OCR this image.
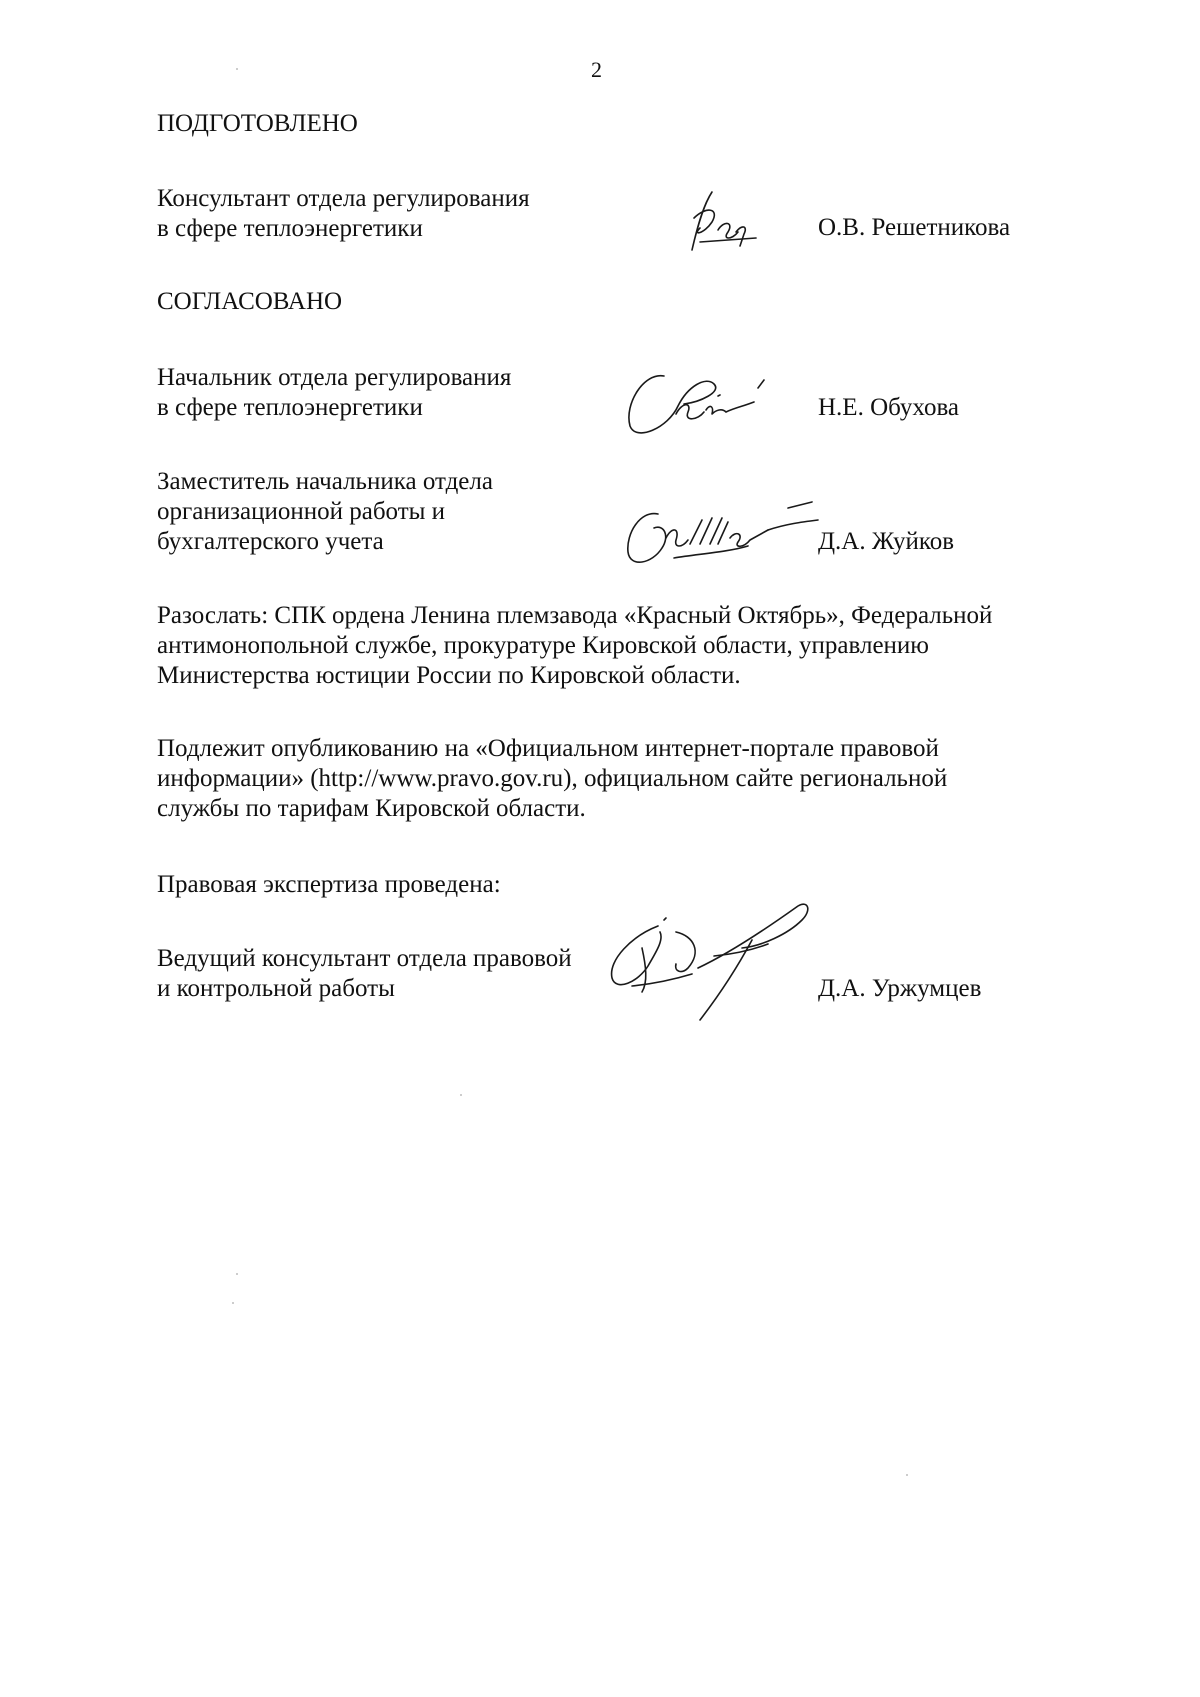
2
ПОДГОТОВЛЕНО
Консультант отдела регулирования
в сфере теплоэнергетики	О.В. Решетникова
СОГЛАСОВАНО
Начальник отдела регулирования
в сфере теплоэнергетики	Н.Е. Обухова
Заместитель начальника отдела
организационной работы и
бухгалтерского учета	Д.А. Жуйков
Разослать: СПК ордена Ленина племзавода «Красный Октябрь», Федеральной
антимонопольной службе, прокуратуре Кировской области, управлению
Министерства юстиции России по Кировской области.
Подлежит опубликованию на «Официальном интернет-портале правовой
информации» (http://www.pravo.gov.ru), официальном сайте региональной
службы по тарифам Кировской области.
Правовая экспертиза проведена:
Ведущий консультант отдела правовой
и контрольной работы	Д.А. Уржумцев
